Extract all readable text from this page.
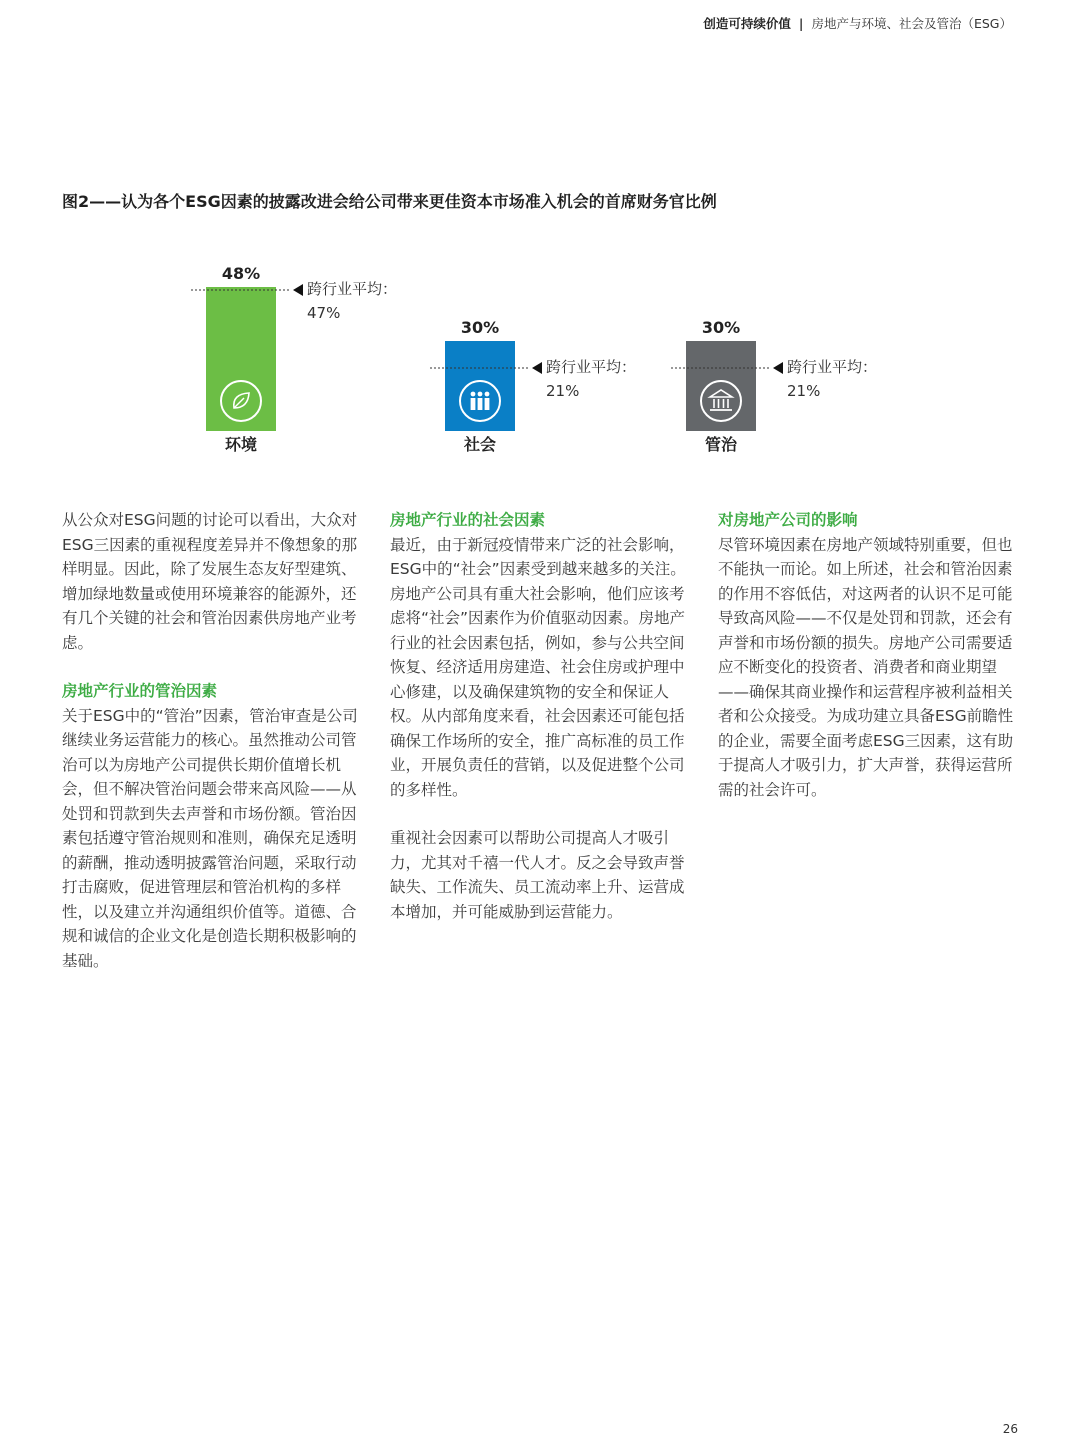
创造可持续价值 | 房地产与环境、社会及管治（ESG）
图2——认为各个ESG因素的披露改进会给公司带来更佳资本市场准入机会的首席财务官比例
48%
环境
跨行业平均：
47%
30%
社会
跨行业平均：
21%
30%
管治
跨行业平均：
21%

从公众对ESG问题的讨论可以看出，大众对ESG三因素的重视程度差异并不像想象的那样明显。因此，除了发展生态友好型建筑、增加绿地数量或使用环境兼容的能源外，还有几个关键的社会和管治因素供房地产业考虑。

房地产行业的管治因素

关于ESG中的“管治”因素，管治审查是公司继续业务运营能力的核心。虽然推动公司管治可以为房地产公司提供长期价值增长机会，但不解决管治问题会带来高风险——从处罚和罚款到失去声誉和市场份额。管治因素包括遵守管治规则和准则，确保充足透明的薪酬，推动透明披露管治问题，采取行动打击腐败，促进管理层和管治机构的多样性，以及建立并沟通组织价值等。道德、合规和诚信的企业文化是创造长期积极影响的基础。

房地产行业的社会因素

最近，由于新冠疫情带来广泛的社会影响，ESG中的“社会”因素受到越来越多的关注。房地产公司具有重大社会影响，他们应该考虑将“社会”因素作为价值驱动因素。房地产行业的社会因素包括，例如，参与公共空间恢复、经济适用房建造、社会住房或护理中心修建，以及确保建筑物的安全和保证人权。从内部角度来看，社会因素还可能包括确保工作场所的安全，推广高标准的员工作业，开展负责任的营销，以及促进整个公司的多样性。

重视社会因素可以帮助公司提高人才吸引力，尤其对千禧一代人才。反之会导致声誉缺失、工作流失、员工流动率上升、运营成本增加，并可能威胁到运营能力。

对房地产公司的影响

尽管环境因素在房地产领域特别重要，但也不能执一而论。如上所述，社会和管治因素的作用不容低估，对这两者的认识不足可能导致高风险——不仅是处罚和罚款，还会有声誉和市场份额的损失。房地产公司需要适应不断变化的投资者、消费者和商业期望——确保其商业操作和运营程序被利益相关者和公众接受。为成功建立具备ESG前瞻性的企业，需要全面考虑ESG三因素，这有助于提高人才吸引力，扩大声誉，获得运营所需的社会许可。

26
